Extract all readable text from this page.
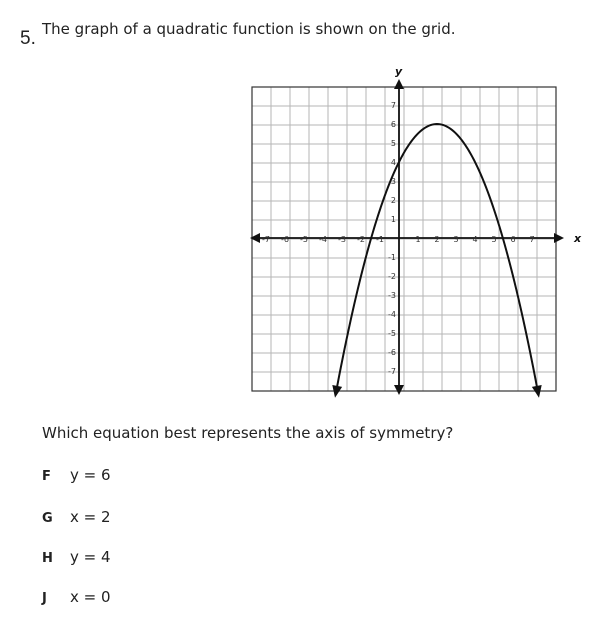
5. The graph of a quadratic function is shown on the grid.
x
y
-7 -6 -5 -4 -3 -2 -1	1 2 3 4 5 6 7
7
6
5
4
3
2
1
-1
-2
-3
-4
-5
-6
-7
Which equation best represents the axis of symmetry?
F	y = 6
G	x = 2
H	y = 4
J	x = 0
